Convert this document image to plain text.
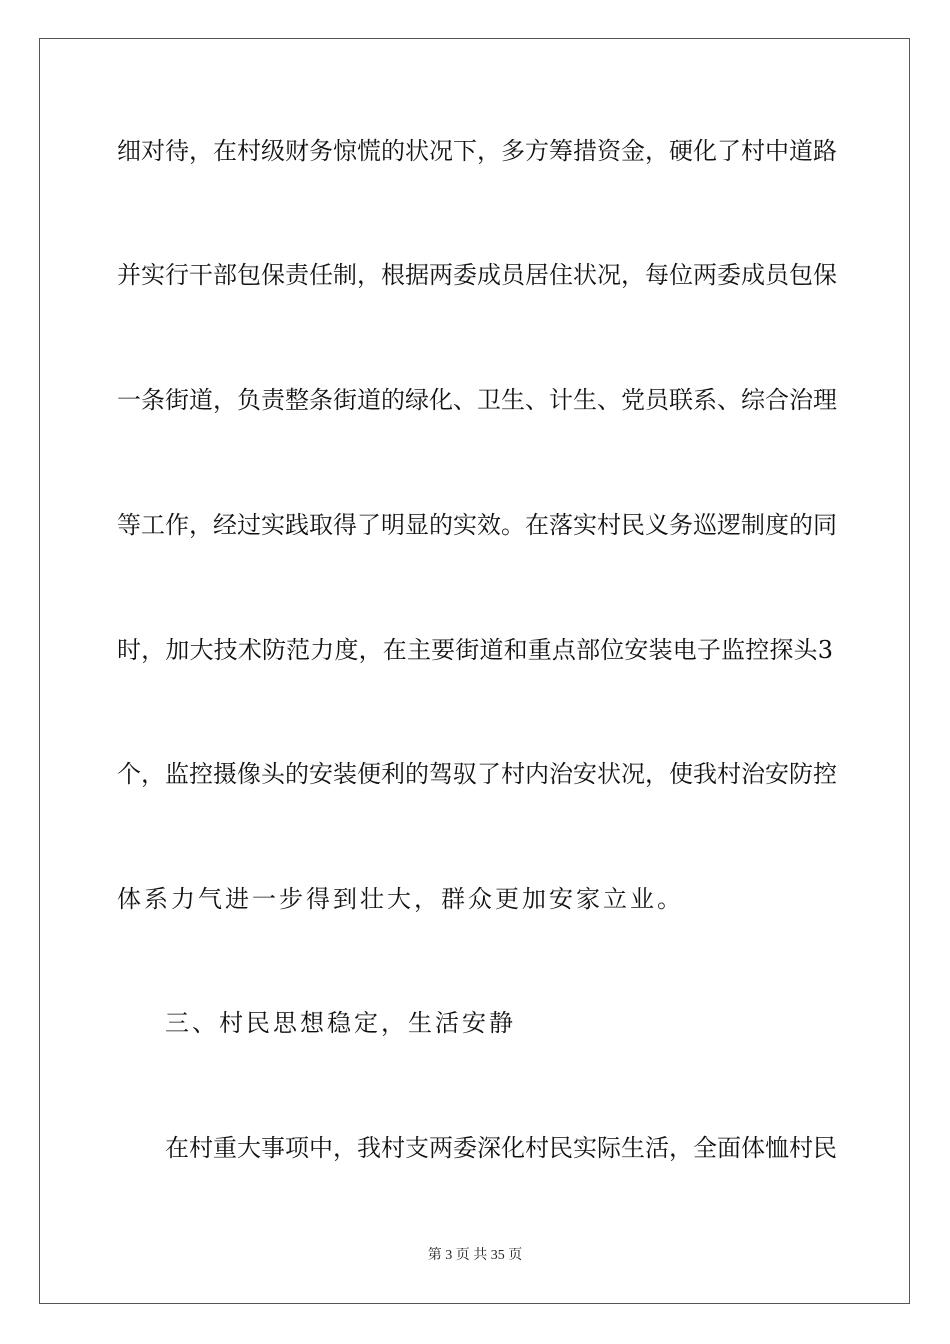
细对待，在村级财务惊慌的状况下，多方筹措资金，硬化了村中道路
并实行干部包保责任制，根据两委成员居住状况，每位两委成员包保
一条街道，负责整条街道的绿化、卫生、计生、党员联系、综合治理
等工作，经过实践取得了明显的实效。在落实村民义务巡逻制度的同
时，加大技术防范力度，在主要街道和重点部位安装电子监控探头3
个，监控摄像头的安装便利的驾驭了村内治安状况，使我村治安防控
体系力气进一步得到壮大，群众更加安家立业。
三、村民思想稳定，生活安静
在村重大事项中，我村支两委深化村民实际生活，全面体恤村民
第 3 页 共 35 页
